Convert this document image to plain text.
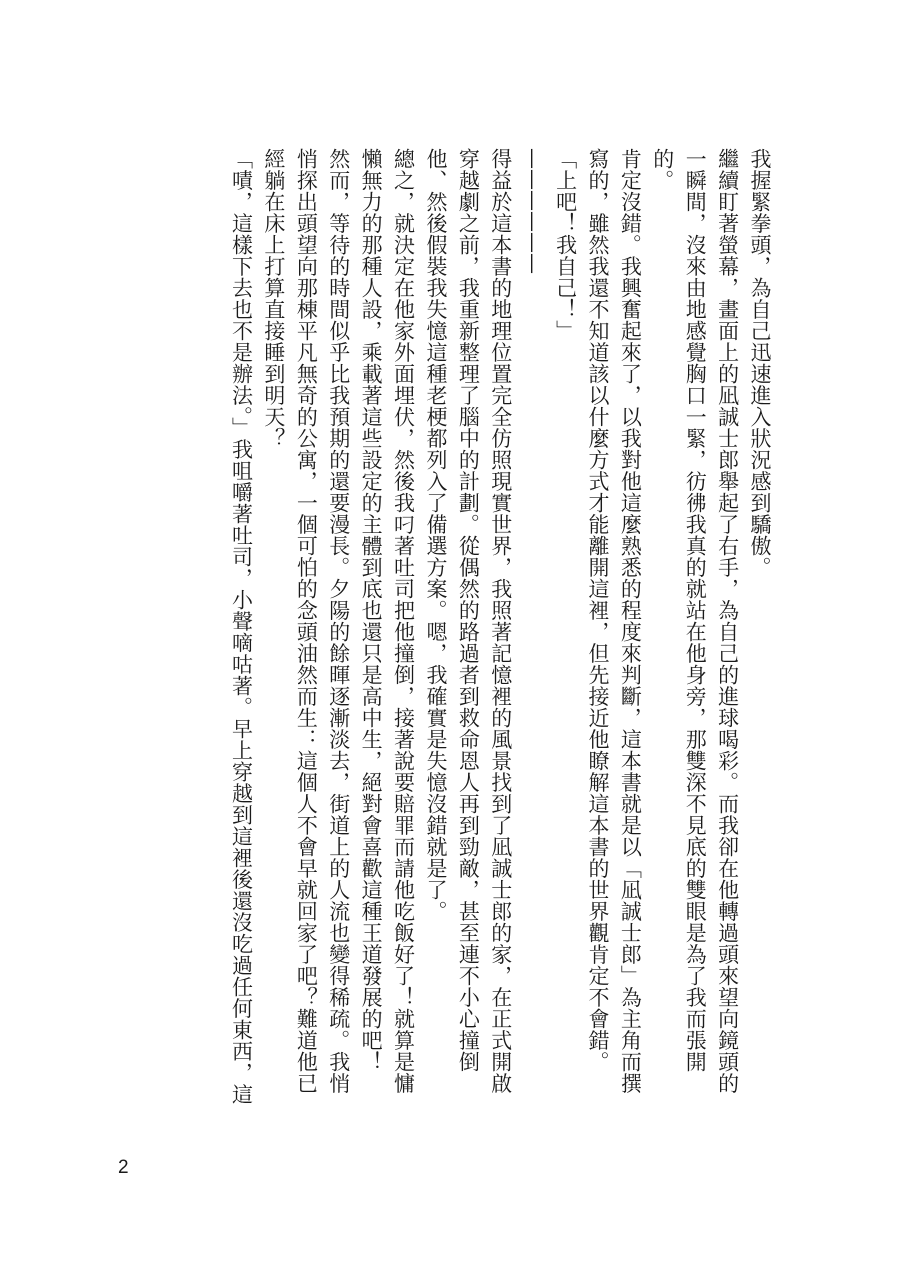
我握緊拳頭，為自己迅速進入狀況感到驕傲。

繼續盯著螢幕，畫面上的凪誠士郎舉起了右手，為自己的進球喝彩。而我卻在他轉過頭來望向鏡頭的一瞬間，沒來由地感覺胸口一緊，彷彿我真的就站在他身旁，那雙深不見底的雙眼是為了我而張開的。

肯定沒錯。我興奮起來了，以我對他這麼熟悉的程度來判斷，這本書就是以「凪誠士郎」為主角而撰寫的，雖然我還不知道該以什麼方式才能離開這裡，但先接近他瞭解這本書的世界觀肯定不會錯。

「上吧！我自己！」

——————

得益於這本書的地理位置完全仿照現實世界，我照著記憶裡的風景找到了凪誠士郎的家，在正式開啟穿越劇之前，我重新整理了腦中的計劃。從偶然的路過者到救命恩人再到勁敵，甚至連不小心撞倒他、然後假裝我失憶這種老梗都列入了備選方案。嗯，我確實是失憶沒錯就是了。

總之，就決定在他家外面埋伏，然後我叼著吐司把他撞倒，接著說要賠罪而請他吃飯好了！就算是慵懶無力的那種人設，乘載著這些設定的主體到底也還只是高中生，絕對會喜歡這種王道發展的吧！

然而，等待的時間似乎比我預期的還要漫長。夕陽的餘暉逐漸淡去，街道上的人流也變得稀疏。我悄悄探出頭望向那棟平凡無奇的公寓，一個可怕的念頭油然而生：這個人不會早就回家了吧？難道他已經躺在床上打算直接睡到明天？

「嘖，這樣下去也不是辦法。」我咀嚼著吐司，小聲嘀咕著。早上穿越到這裡後還沒吃過任何東西，這

2
